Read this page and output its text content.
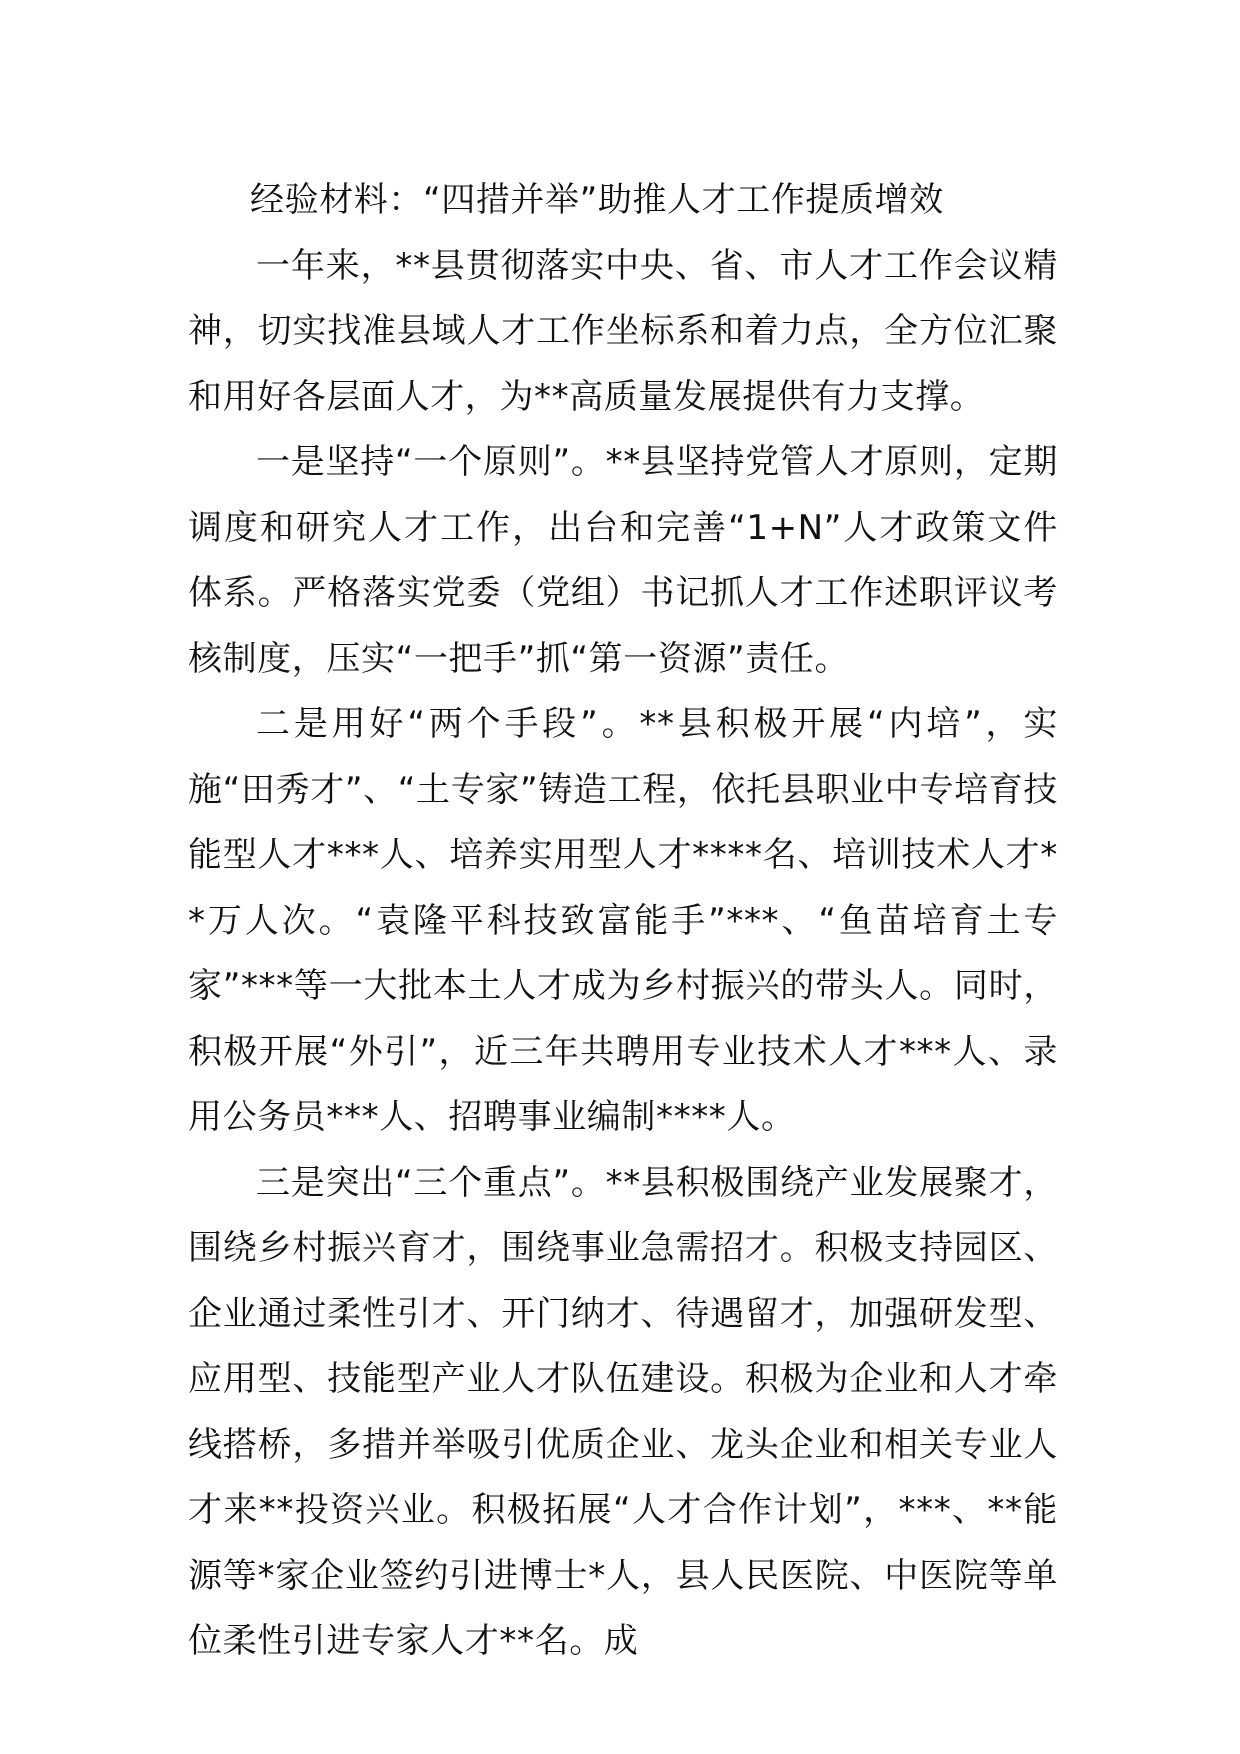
经验材料：“四措并举”助推人才工作提质增效

一年来，**县贯彻落实中央、省、市人才工作会议精神，切实找准县域人才工作坐标系和着力点，全方位汇聚和用好各层面人才，为**高质量发展提供有力支撑。

一是坚持“一个原则”。**县坚持党管人才原则，定期调度和研究人才工作，出台和完善“1+N”人才政策文件体系。严格落实党委（党组）书记抓人才工作述职评议考核制度，压实“一把手”抓“第一资源”责任。

二是用好“两个手段”。**县积极开展“内培”，实施“田秀才”、“土专家”铸造工程，依托县职业中专培育技能型人才***人、培养实用型人才****名、培训技术人才**万人次。“袁隆平科技致富能手”***、“鱼苗培育土专家”***等一大批本土人才成为乡村振兴的带头人。同时，积极开展“外引”，近三年共聘用专业技术人才***人、录用公务员***人、招聘事业编制****人。

三是突出“三个重点”。**县积极围绕产业发展聚才，围绕乡村振兴育才，围绕事业急需招才。积极支持园区、企业通过柔性引才、开门纳才、待遇留才，加强研发型、应用型、技能型产业人才队伍建设。积极为企业和人才牵线搭桥，多措并举吸引优质企业、龙头企业和相关专业人才来**投资兴业。积极拓展“人才合作计划”，***、**能源等*家企业签约引进博士*人，县人民医院、中医院等单位柔性引进专家人才**名。成
